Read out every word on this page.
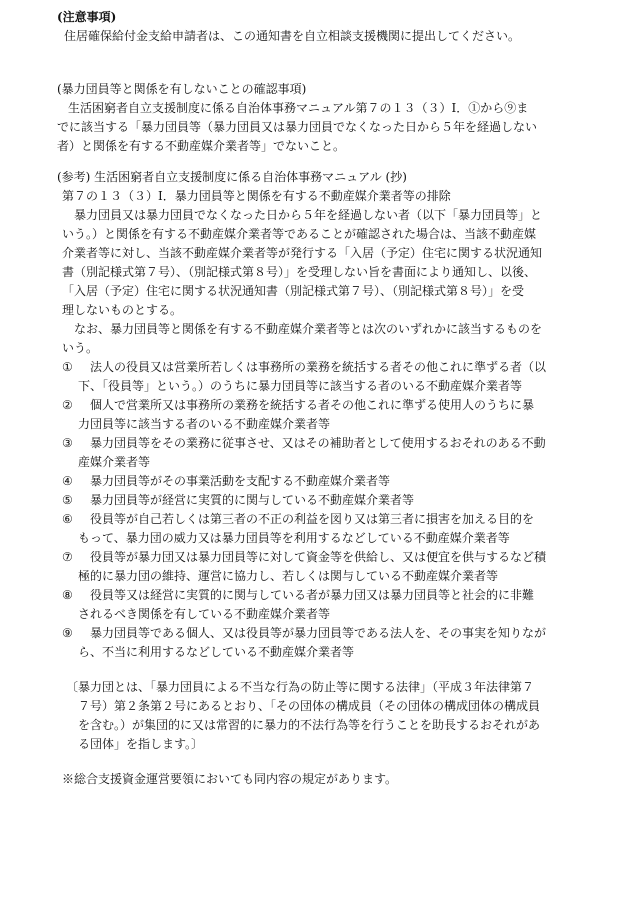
(注意事項)
住居確保給付金支給申請者は、この通知書を自立相談支援機関に提出してください。
(暴力団員等と関係を有しないことの確認事項)
生活困窮者自立支援制度に係る自治体事務マニュアル第７の１３（３）Ⅰ．①から⑨ま
でに該当する「暴力団員等（暴力団員又は暴力団員でなくなった日から５年を経過しない
者）と関係を有する不動産媒介業者等」でないこと。
(参考) 生活困窮者自立支援制度に係る自治体事務マニュアル (抄)
第７の１３（３）Ⅰ．暴力団員等と関係を有する不動産媒介業者等の排除
暴力団員又は暴力団員でなくなった日から５年を経過しない者（以下「暴力団員等」と
いう。）と関係を有する不動産媒介業者等であることが確認された場合は、当該不動産媒
介業者等に対し、当該不動産媒介業者等が発行する「入居（予定）住宅に関する状況通知
書（別記様式第７号）、（別記様式第８号）」を受理しない旨を書面により通知し、以後、
「入居（予定）住宅に関する状況通知書（別記様式第７号）、（別記様式第８号）」を受
理しないものとする。
なお、暴力団員等と関係を有する不動産媒介業者等とは次のいずれかに該当するものを
いう。
① 法人の役員又は営業所若しくは事務所の業務を統括する者その他これに準ずる者（以
下、「役員等」という。）のうちに暴力団員等に該当する者のいる不動産媒介業者等
② 個人で営業所又は事務所の業務を統括する者その他これに準ずる使用人のうちに暴
力団員等に該当する者のいる不動産媒介業者等
③ 暴力団員等をその業務に従事させ、又はその補助者として使用するおそれのある不動
産媒介業者等
④ 暴力団員等がその事業活動を支配する不動産媒介業者等
⑤ 暴力団員等が経営に実質的に関与している不動産媒介業者等
⑥ 役員等が自己若しくは第三者の不正の利益を図り又は第三者に損害を加える目的を
もって、暴力団の威力又は暴力団員等を利用するなどしている不動産媒介業者等
⑦ 役員等が暴力団又は暴力団員等に対して資金等を供給し、又は便宜を供与するなど積
極的に暴力団の維持、運営に協力し、若しくは関与している不動産媒介業者等
⑧ 役員等又は経営に実質的に関与している者が暴力団又は暴力団員等と社会的に非難
されるべき関係を有している不動産媒介業者等
⑨ 暴力団員等である個人、又は役員等が暴力団員等である法人を、その事実を知りなが
ら、不当に利用するなどしている不動産媒介業者等
〔暴力団とは、「暴力団員による不当な行為の防止等に関する法律」（平成３年法律第７
７号）第２条第２号にあるとおり、「その団体の構成員（その団体の構成団体の構成員
を含む。）が集団的に又は常習的に暴力的不法行為等を行うことを助長するおそれがあ
る団体」を指します。〕
※総合支援資金運営要領においても同内容の規定があります。
